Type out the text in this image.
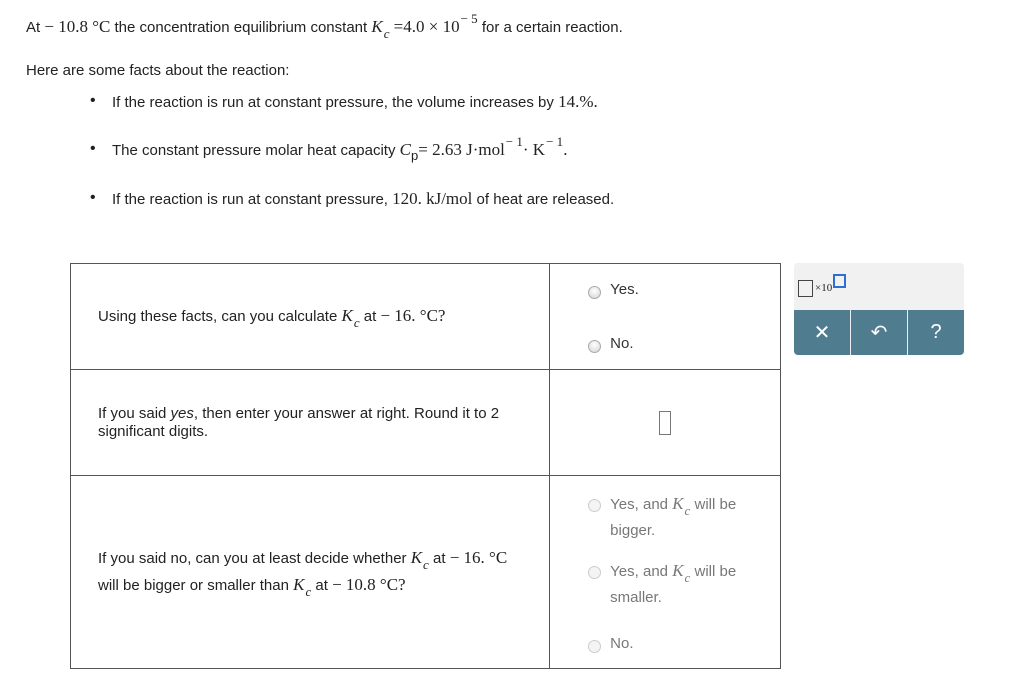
At − 10.8 °C the concentration equilibrium constant Kc =4.0 × 10− 5 for a certain reaction.
Here are some facts about the reaction:
• If the reaction is run at constant pressure, the volume increases by 14.%.
• The constant pressure molar heat capacity Cp= 2.63 J·mol− 1· K− 1.
• If the reaction is run at constant pressure, 120. kJ/mol of heat are released.
Using these facts, can you calculate Kc at − 16. °C?	Yes.
No.

If you said yes, then enter your answer at right. Round it to 2 significant digits.	

If you said no, can you at least decide whether Kc at − 16. °C will be bigger or smaller than Kc at − 10.8 °C?	Yes, and Kc will be bigger.
Yes, and Kc will be smaller.
No.
×10
✕ ↶ ?
